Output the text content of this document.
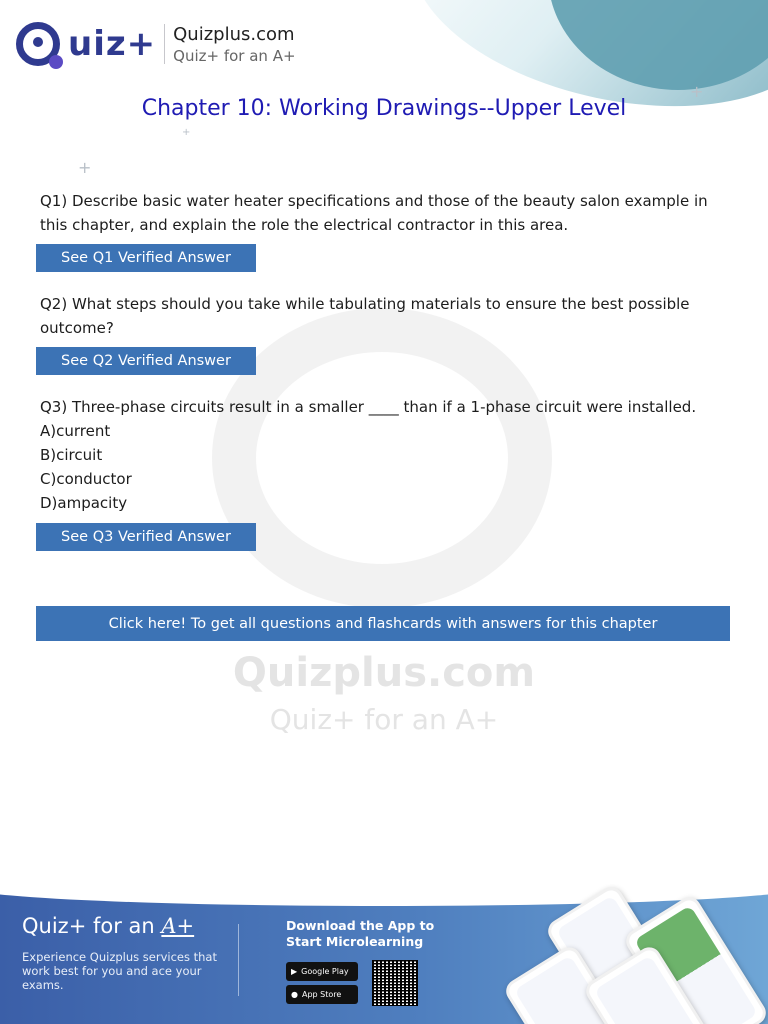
+
+
+
uiz+ Quizplus.com
Quiz+ for an A+
Quizplus.com
Quiz+ for an A+
Chapter 10: Working Drawings--Upper Level
Q1) Describe basic water heater specifications and those of the beauty salon example in this chapter, and explain the role the electrical contractor in this area.
See Q1 Verified Answer
Q2) What steps should you take while tabulating materials to ensure the best possible outcome?
See Q2 Verified Answer
Q3) Three-phase circuits result in a smaller ____ than if a 1-phase circuit were installed.
A)current
B)circuit
C)conductor
D)ampacity
See Q3 Verified Answer
Click here! To get all questions and flashcards with answers for this chapter
Quiz+ for an A+
Experience Quizplus services that work best for you and ace your exams.
Download the App to
Start Microlearning
▶ Google Play
● App Store
